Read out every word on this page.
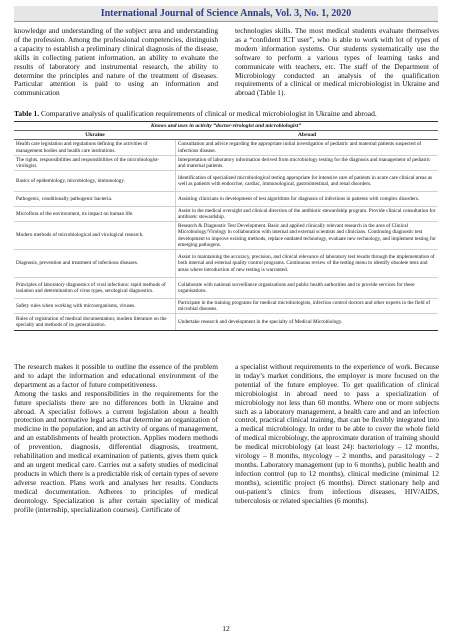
International Journal of Science Annals, Vol. 3, No. 1, 2020

knowledge and understanding of the subject area and understanding of the profession. Among the professional competencies, distinguish a capacity to establish a preliminary clinical diagnosis of the disease, skills in collecting patient information, an ability to evaluate the results of laboratory and instrumental research, the ability to determine the principles and nature of the treatment of diseases. Particular attention is paid to using an information and communication

technologies skills. The most medical students evaluate themselves as a “confident ICT user”, who is able to work with lot of types of modern information systems. Our students systematically use the software to perform a various types of learning tasks and communicate with teachers, etc. The staff of the Department of Microbiology conducted an analysis of the qualification requirements of a clinical or medical microbiologist in Ukraine and abroad (Table 1).

Table 1. Comparative analysis of qualification requirements of clinical or medical microbiologist in Ukraine and abroad.
Knows and uses in activity “doctor-virologist and microbiologist”
Ukraine	Abroad
Health care legislation and regulations defining the activities of management bodies and health care institutions.
Consultation and advice regarding the appropriate initial investigation of pediatric and maternal patients suspected of infectious disease.
The rights, responsibilities and responsibilities of the microbiologist-virologist.
Interpretation of laboratory information derived from microbiology testing for the diagnosis and management of pediatric and maternal patients.
Basics of epidemiology, microbiology, immunology.
Identification of specialized microbiological testing appropriate for intensive care of patients in acute care clinical areas as well as patients with endocrine, cardiac, immunological, gastrointestinal, and renal disorders.
Pathogenic, conditionally pathogenic bacteria.	Assisting clinicians in development of test algorithms for diagnosis of infections in patients with complex disorders.
Microflora of the environment, its impact on human life.
Assist in the medical oversight and clinical direction of the antibiotic stewardship program. Provide clinical consultation for antibiotic stewardship.
Modern methods of microbiological and virological research.
Research & Diagnostic Test Development. Basic and applied clinically relevant research in the area of Clinical Microbiology/Virology in collaboration with internal and external scientists and clinicians. Continuing diagnostic test development to improve existing methods, replace outdated technology, evaluate new technology, and implement testing for emerging pathogens.
Diagnosis, prevention and treatment of infectious diseases.
Assist in maintaining the accuracy, precision, and clinical relevance of laboratory test results through the implementation of both internal and external quality control programs. Continuous review of the testing menu to identify obsolete tests and areas where introduction of new testing is warranted.
Principles of laboratory diagnostics of viral infections: rapid methods of isolation and determination of virus types, serological diagnostics.
Collaborate with national surveillance organisations and public health authorities and to provide services for these organisations.
Safety rules when working with microorganisms, viruses.
Participate in the training programs for medical microbiologists, infection control doctors and other experts in the field of microbial diseases.
Rules of registration of medical documentation; modern literature on the specialty and methods of its generalization.
Undertake research and development in the specialty of Medical Microbiology.

The research makes it possible to outline the essence of the problem and to adapt the information and educational environment of the department as a factor of future competitiveness.

Among the tasks and responsibilities in the requirements for the future specialists there are no differences both in Ukraine and abroad. A specialist follows a current legislation about a health protection and normative legal acts that determine an organization of medicine in the population, and an activity of organs of management, and an establishments of health protection. Applies modern methods of prevention, diagnosis, differential diagnosis, treatment, rehabilitation and medical examination of patients, gives them quick and an urgent medical care. Carries out a safety studies of medicinal products in which there is a predictable risk of certain types of severe adverse reaction. Plans work and analyses her results. Conducts medical documentation. Adheres to principles of medical deontology. Specialization is after certain speciality of medical profile (internship, specialization courses). Certificate of

a specialist without requirements to the experience of work. Because in today’s market conditions, the employer is more focused on the potential of the future employee. To get qualification of clinical microbiologist in abroad need to pass a specialization of microbiology not less than 60 months. Where one or more subjects such as a laboratory management, a health care and and an infection control, practical clinical training, that can be flexibly integrated into a medical microbiology. In order to be able to cover the whole field of medical microbiology, the approximate duration of training should be medical microbiology (at least 24): bacteriology – 12 months, virology – 8 months, mycology – 2 months, and parasitology – 2 months. Laboratory management (up to 6 months), public health and infection control (up to 12 months), clinical medicine (minimal 12 months), scientific project (6 months). Direct stationary help and out-patient’s clinics from infectious diseases, HIV/AIDS, tuberculosis or related specialties (6 months).

12
